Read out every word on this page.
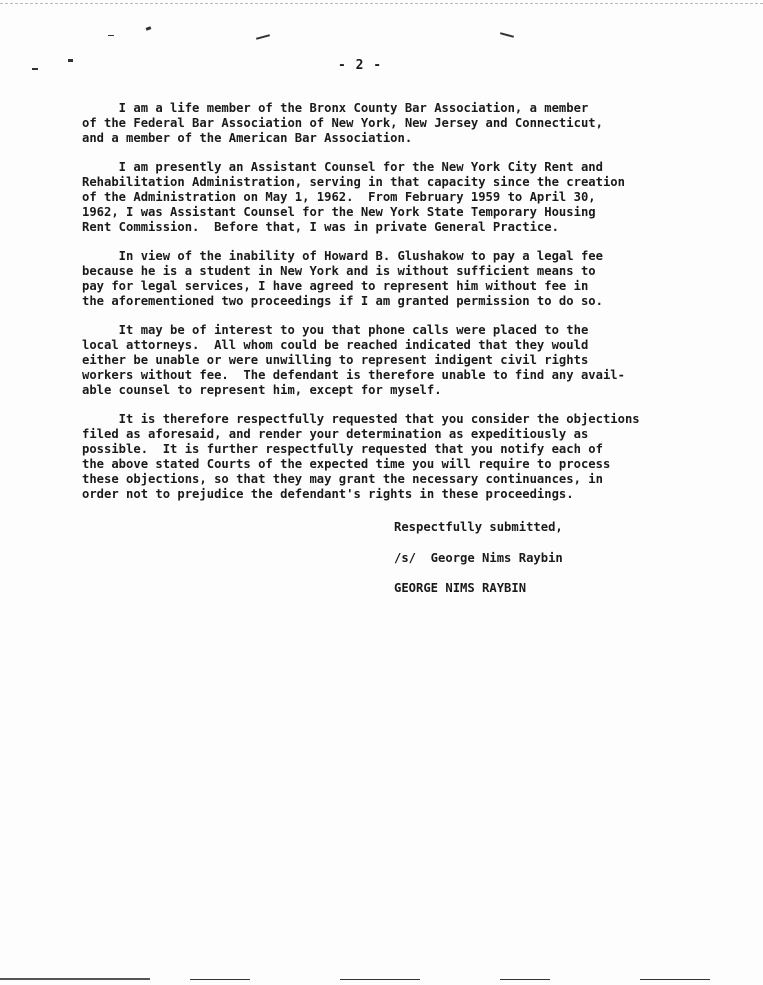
- 2 -

I am a life member of the Bronx County Bar Association, a member
of the Federal Bar Association of New York, New Jersey and Connecticut,
and a member of the American Bar Association.

I am presently an Assistant Counsel for the New York City Rent and
Rehabilitation Administration, serving in that capacity since the creation
of the Administration on May 1, 1962.  From February 1959 to April 30,
1962, I was Assistant Counsel for the New York State Temporary Housing
Rent Commission.  Before that, I was in private General Practice.

In view of the inability of Howard B. Glushakow to pay a legal fee
because he is a student in New York and is without sufficient means to
pay for legal services, I have agreed to represent him without fee in
the aforementioned two proceedings if I am granted permission to do so.

It may be of interest to you that phone calls were placed to the
local attorneys.  All whom could be reached indicated that they would
either be unable or were unwilling to represent indigent civil rights
workers without fee.  The defendant is therefore unable to find any avail-
able counsel to represent him, except for myself.

It is therefore respectfully requested that you consider the objections
filed as aforesaid, and render your determination as expeditiously as
possible.  It is further respectfully requested that you notify each of
the above stated Courts of the expected time you will require to process
these objections, so that they may grant the necessary continuances, in
order not to prejudice the defendant's rights in these proceedings.

Respectfully submitted,
/s/  George Nims Raybin
GEORGE NIMS RAYBIN
